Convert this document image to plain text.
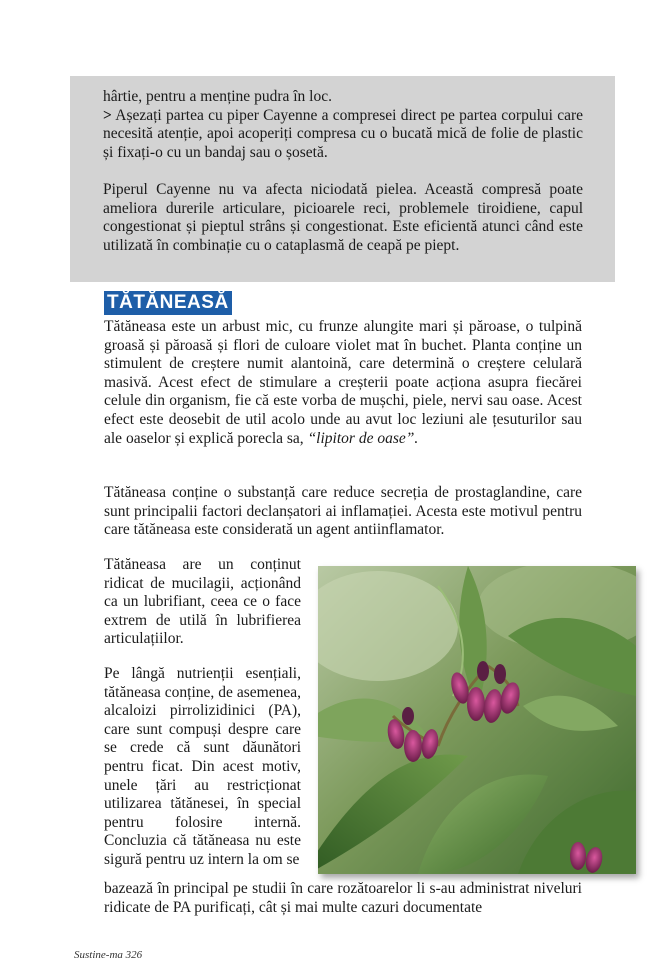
hârtie, pentru a menține pudra în loc.

> Așezați partea cu piper Cayenne a compresei direct pe partea corpului care necesită atenție, apoi acoperiți compresa cu o bucată mică de folie de plastic și fixați-o cu un bandaj sau o șosetă.

Piperul Cayenne nu va afecta niciodată pielea. Această compresă poate ameliora durerile articulare, picioarele reci, problemele tiroidiene, capul congestionat și pieptul strâns și congestionat. Este eficientă atunci când este utilizată în combinație cu o cataplasmă de ceapă pe piept.

TĂTĂNEASĂ

Tătăneasa este un arbust mic, cu frunze alungite mari și păroase, o tulpină groasă și păroasă și flori de culoare violet mat în buchet. Planta conține un stimulent de creștere numit alantoină, care determină o creștere celulară masivă. Acest efect de stimulare a creșterii poate acționa asupra fiecărei celule din organism, fie că este vorba de mușchi, piele, nervi sau oase. Acest efect este deosebit de util acolo unde au avut loc leziuni ale țesuturilor sau ale oaselor și explică porecla sa, “lipitor de oase”.

Tătăneasa conține o substanță care reduce secreția de prostaglandine, care sunt principalii factori declanșatori ai inflamației. Acesta este motivul pentru care tătăneasa este considerată un agent antiinflamator.

Tătăneasa are un conținut ridicat de mucilagii, acționând ca un lubrifiant, ceea ce o face extrem de utilă în lubrifierea articulațiilor.

Pe lângă nutrienții esențiali, tătăneasa conține, de asemenea, alcaloizi pirrolizidinici (PA), care sunt compuși despre care se crede că sunt dăunători pentru ficat. Din acest motiv, unele țări au restricționat utilizarea tătănesei, în special pentru folosire internă. Concluzia că tătăneasa nu este sigură pentru uz intern la om se

bazează în principal pe studii în care rozătoarelor li s-au administrat niveluri ridicate de PA purificați, cât și mai multe cazuri documentate

Sustine-ma 326
